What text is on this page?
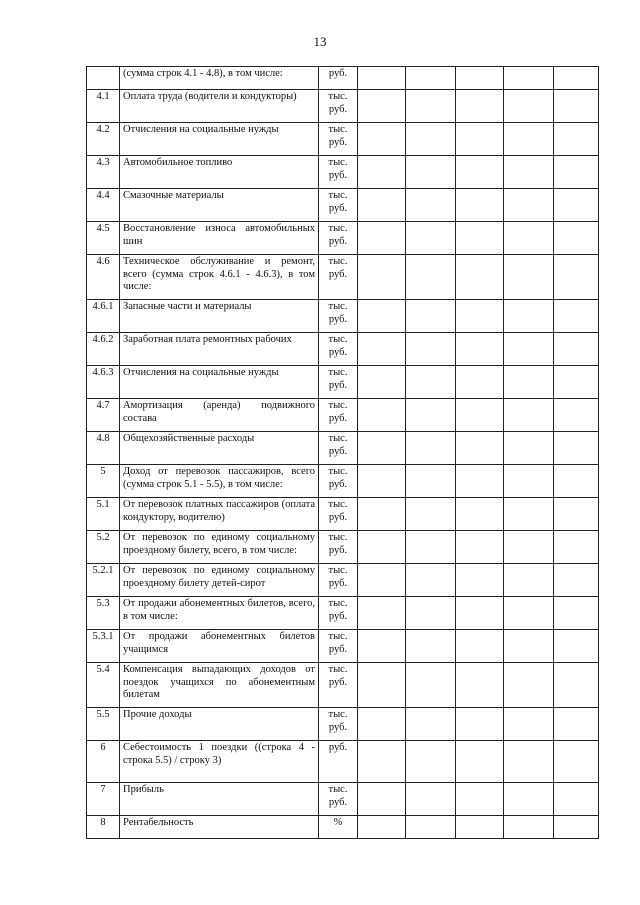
13
	(сумма строк 4.1 - 4.8), в том числе:	руб.					

4.1	Оплата труда (водители и кондукторы)	тыс.
руб.					

4.2	Отчисления на социальные нужды	тыс.
руб.					

4.3	Автомобильное топливо	тыс.
руб.					

4.4	Смазочные материалы	тыс.
руб.					

4.5	Восстановление износа автомобильных шин	тыс.
руб.					

4.6	Техническое обслуживание и ремонт, всего (сумма строк 4.6.1 - 4.6.3), в том числе:	тыс.
руб.					

4.6.1	Запасные части и материалы	тыс.
руб.					

4.6.2	Заработная плата ремонтных рабочих	тыс.
руб.					

4.6.3	Отчисления на социальные нужды	тыс.
руб.					

4.7	Амортизация (аренда) подвижного состава	тыс.
руб.					

4.8	Общехозяйственные расходы	тыс.
руб.					

5	Доход от перевозок пассажиров, всего (сумма строк 5.1 - 5.5), в том числе:	тыс.
руб.					

5.1	От перевозок платных пассажиров (оплата кондуктору, водителю)	тыс.
руб.					

5.2	От перевозок по единому социальному проездному билету, всего, в том числе:	тыс.
руб.					

5.2.1	От перевозок по единому социальному проездному билету детей-сирот	тыс.
руб.					

5.3	От продажи абонементных билетов, всего, в том числе:	тыс.
руб.					

5.3.1	От продажи абонементных билетов учащимся	тыс.
руб.					

5.4	Компенсация выпадающих доходов от поездок учащихся по абонементным билетам	тыс.
руб.					

5.5	Прочие доходы	тыс.
руб.					

6	Себестоимость 1 поездки ((строка 4 - строка 5.5) / строку 3)	руб.					

7	Прибыль	тыс.
руб.					

8	Рентабельность	%					
